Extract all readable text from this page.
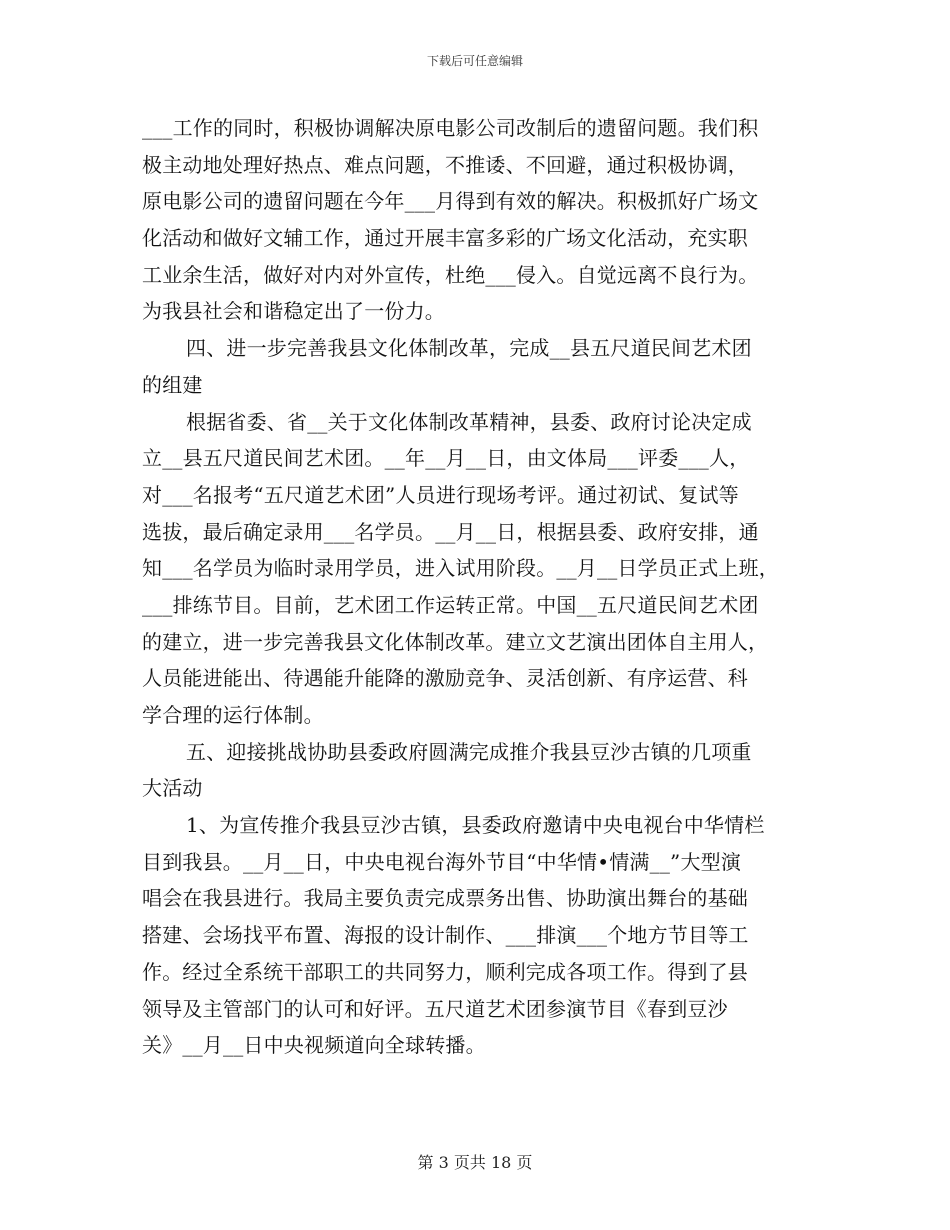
下载后可任意编辑
___工作的同时，积极协调解决原电影公司改制后的遗留问题。我们积
极主动地处理好热点、难点问题，不推诿、不回避，通过积极协调，
原电影公司的遗留问题在今年___月得到有效的解决。积极抓好广场文
化活动和做好文辅工作，通过开展丰富多彩的广场文化活动，充实职
工业余生活，做好对内对外宣传，杜绝___侵入。自觉远离不良行为。
为我县社会和谐稳定出了一份力。
四、进一步完善我县文化体制改革，完成__县五尺道民间艺术团
的组建
根据省委、省__关于文化体制改革精神，县委、政府讨论决定成
立__县五尺道民间艺术团。__年__月__日，由文体局___评委___人，
对___名报考“五尺道艺术团”人员进行现场考评。通过初试、复试等
选拔，最后确定录用___名学员。__月__日，根据县委、政府安排，通
知___名学员为临时录用学员，进入试用阶段。__月__日学员正式上班，
___排练节目。目前，艺术团工作运转正常。中国__五尺道民间艺术团
的建立，进一步完善我县文化体制改革。建立文艺演出团体自主用人，
人员能进能出、待遇能升能降的激励竞争、灵活创新、有序运营、科
学合理的运行体制。
五、迎接挑战协助县委政府圆满完成推介我县豆沙古镇的几项重
大活动
1、为宣传推介我县豆沙古镇，县委政府邀请中央电视台中华情栏
目到我县。__月__日，中央电视台海外节目“中华情•情满__”大型演
唱会在我县进行。我局主要负责完成票务出售、协助演出舞台的基础
搭建、会场找平布置、海报的设计制作、___排演___个地方节目等工
作。经过全系统干部职工的共同努力，顺利完成各项工作。得到了县
领导及主管部门的认可和好评。五尺道艺术团参演节目《春到豆沙
关》__月__日中央视频道向全球转播。
第 3 页共 18 页
